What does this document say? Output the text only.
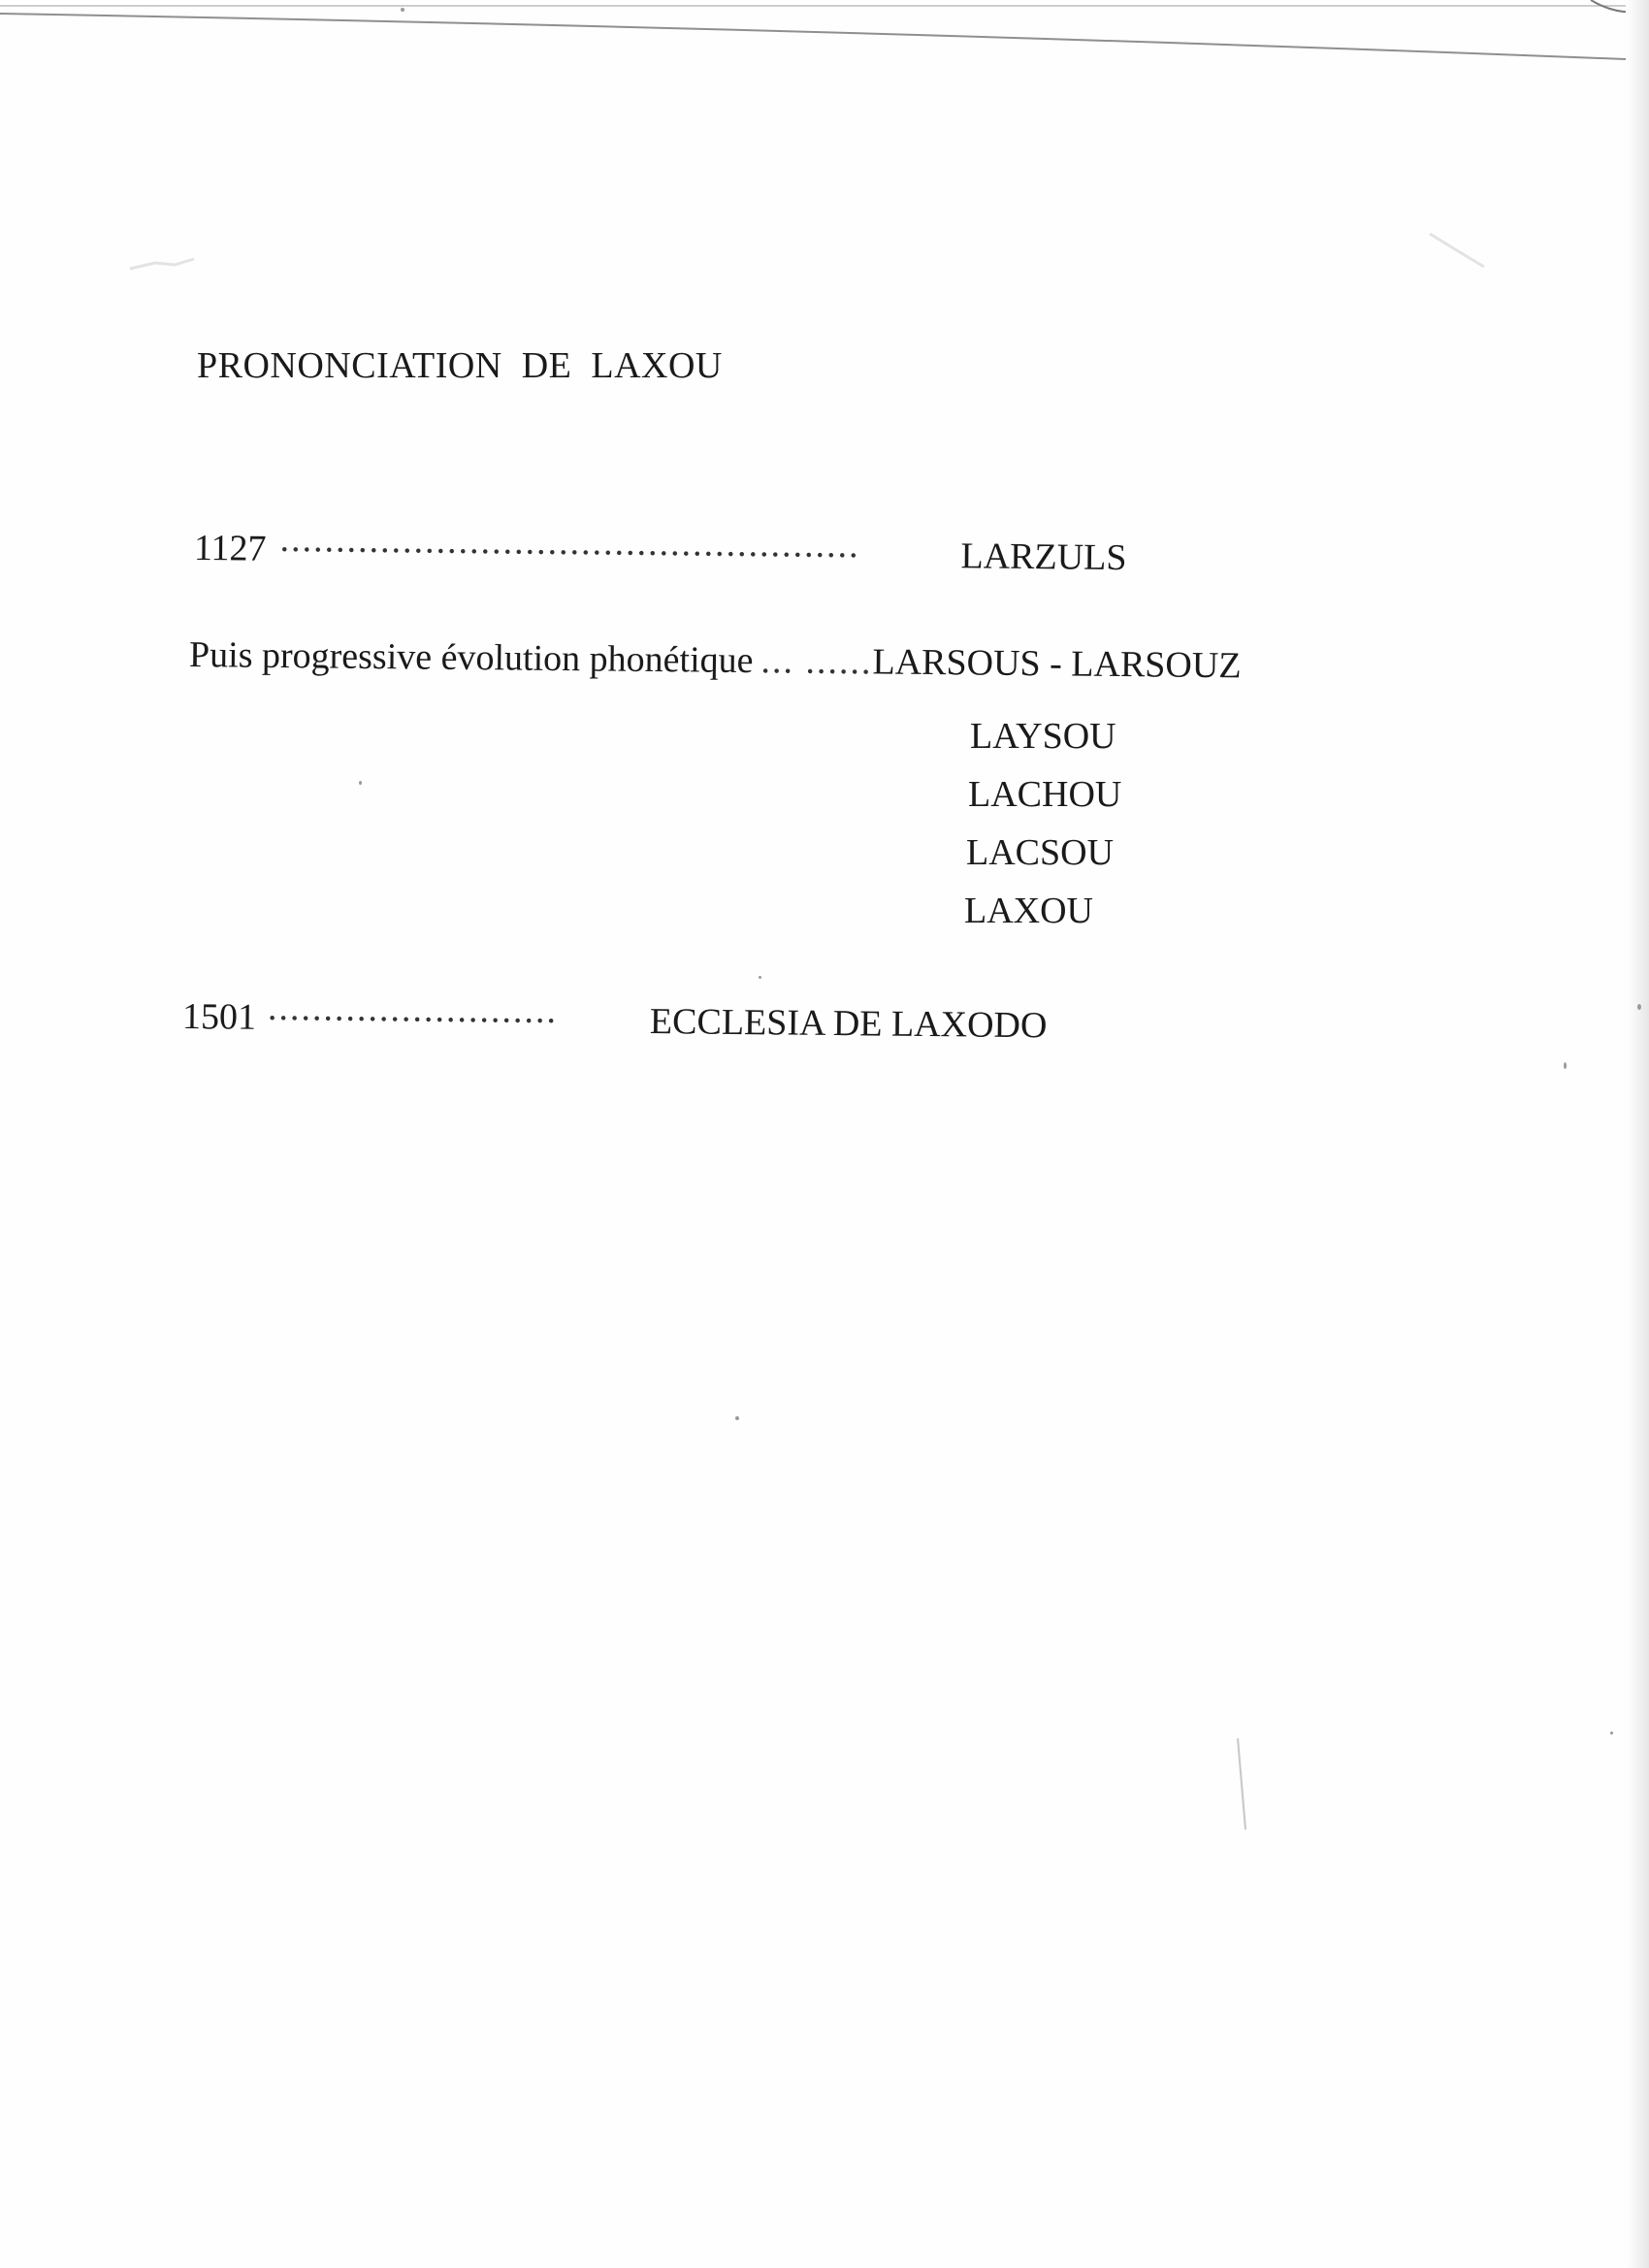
PRONONCIATION  DE  LAXOU
1127 ....................................................	LARZULS
Puis progressive évolution phonétique ... ......LARSOUS - LARSOUZ
LAYSOU
LACHOU
LACSOU
LAXOU
1501 .......................... ECCLESIA DE LAXODO
